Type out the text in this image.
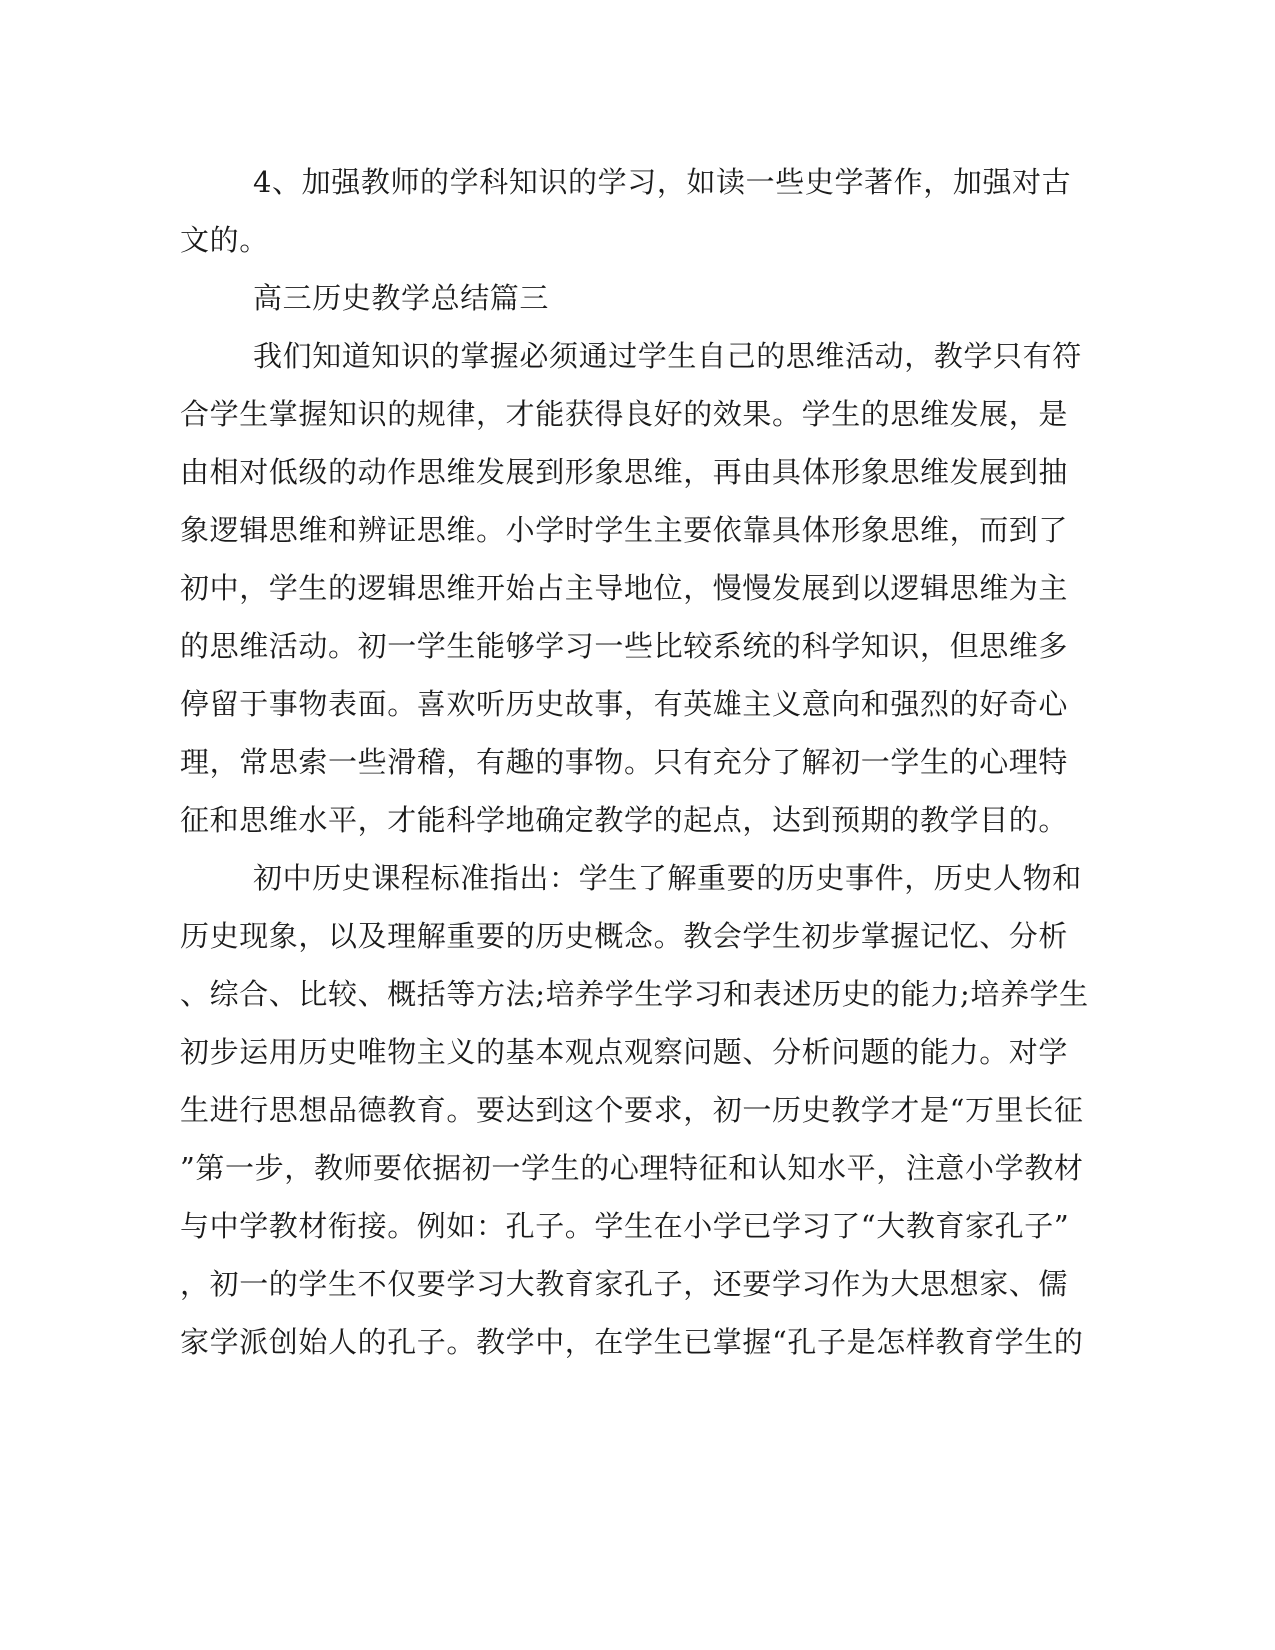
4、加强教师的学科知识的学习，如读一些史学著作，加强对古
文的。
高三历史教学总结篇三
我们知道知识的掌握必须通过学生自己的思维活动，教学只有符
合学生掌握知识的规律，才能获得良好的效果。学生的思维发展，是
由相对低级的动作思维发展到形象思维，再由具体形象思维发展到抽
象逻辑思维和辨证思维。小学时学生主要依靠具体形象思维，而到了
初中，学生的逻辑思维开始占主导地位，慢慢发展到以逻辑思维为主
的思维活动。初一学生能够学习一些比较系统的科学知识，但思维多
停留于事物表面。喜欢听历史故事，有英雄主义意向和强烈的好奇心
理，常思索一些滑稽，有趣的事物。只有充分了解初一学生的心理特
征和思维水平，才能科学地确定教学的起点，达到预期的教学目的。
初中历史课程标准指出：学生了解重要的历史事件，历史人物和
历史现象，以及理解重要的历史概念。教会学生初步掌握记忆、分析
、综合、比较、概括等方法;培养学生学习和表述历史的能力;培养学生
初步运用历史唯物主义的基本观点观察问题、分析问题的能力。对学
生进行思想品德教育。要达到这个要求，初一历史教学才是“万里长征
”第一步，教师要依据初一学生的心理特征和认知水平，注意小学教材
与中学教材衔接。例如：孔子。学生在小学已学习了“大教育家孔子”
，初一的学生不仅要学习大教育家孔子，还要学习作为大思想家、儒
家学派创始人的孔子。教学中，在学生已掌握“孔子是怎样教育学生的
